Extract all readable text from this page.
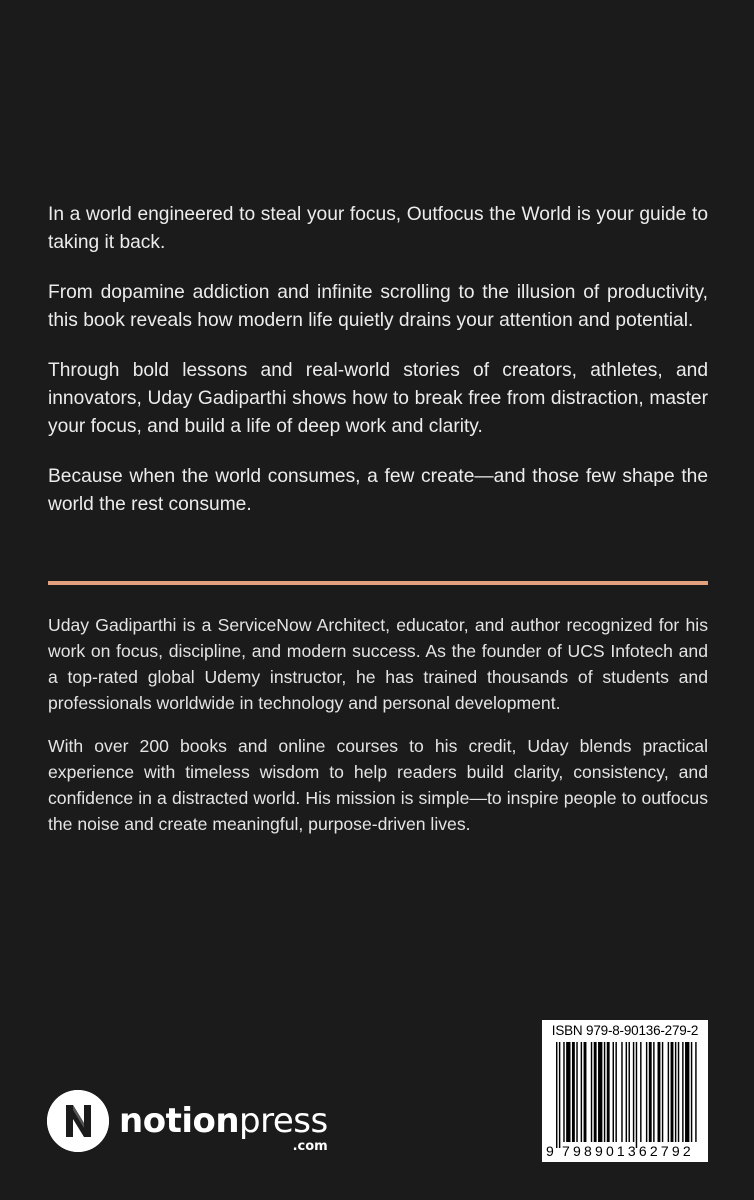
In a world engineered to steal your focus, Outfocus the World is your guide to taking it back.

From dopamine addiction and infinite scrolling to the illusion of productivity, this book reveals how modern life quietly drains your attention and potential.

Through bold lessons and real-world stories of creators, athletes, and innovators, Uday Gadiparthi shows how to break free from distraction, master your focus, and build a life of deep work and clarity.

Because when the world consumes, a few create—and those few shape the world the rest consume.

Uday Gadiparthi is a ServiceNow Architect, educator, and author recognized for his work on focus, discipline, and modern success. As the founder of UCS Infotech and a top-rated global Udemy instructor, he has trained thousands of students and professionals worldwide in technology and personal development.

With over 200 books and online courses to his credit, Uday blends practical experience with timeless wisdom to help readers build clarity, consistency, and confidence in a distracted world. His mission is simple—to inspire people to outfocus the noise and create meaningful, purpose-driven lives.

notionpress
.com
ISBN 979-8-90136-279-2
9 798901362792
